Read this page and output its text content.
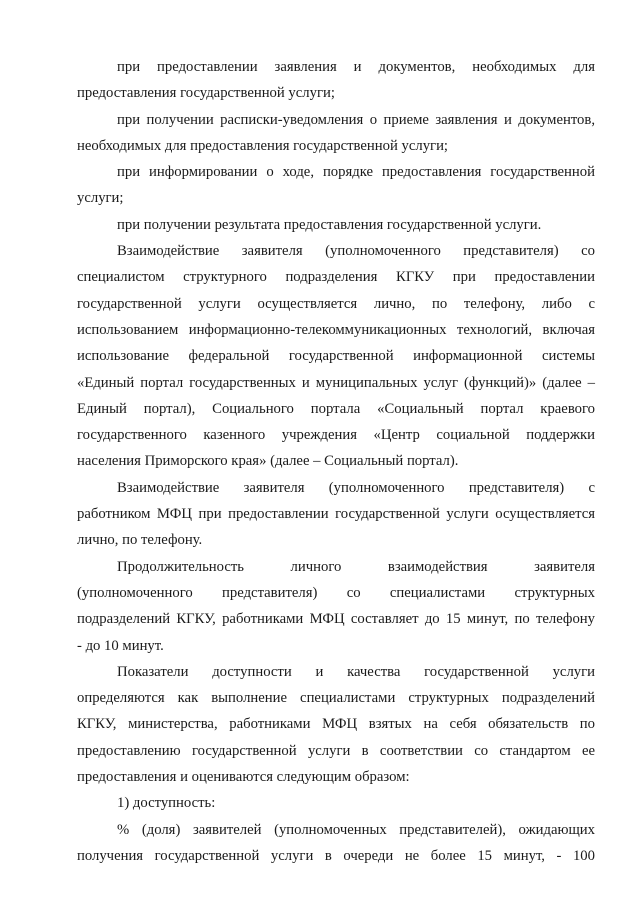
при предоставлении заявления и документов, необходимых для
предоставления государственной услуги;
при получении расписки-уведомления о приеме заявления и документов,
необходимых для предоставления государственной услуги;
при информировании о ходе, порядке предоставления государственной
услуги;
при получении результата предоставления государственной услуги.
Взаимодействие заявителя (уполномоченного представителя) со
специалистом структурного подразделения КГКУ при предоставлении
государственной услуги осуществляется лично, по телефону, либо с
использованием информационно-телекоммуникационных технологий, включая
использование федеральной государственной информационной системы
«Единый портал государственных и муниципальных услуг (функций)» (далее –
Единый портал), Социального портала «Социальный портал краевого
государственного казенного учреждения «Центр социальной поддержки
населения Приморского края» (далее – Социальный портал).
Взаимодействие заявителя (уполномоченного представителя) с
работником МФЦ при предоставлении государственной услуги осуществляется
лично, по телефону.
Продолжительность личного взаимодействия заявителя
(уполномоченного представителя) со специалистами структурных
подразделений КГКУ, работниками МФЦ составляет до 15 минут, по телефону
- до 10 минут.
Показатели доступности и качества государственной услуги
определяются как выполнение специалистами структурных подразделений
КГКУ, министерства, работниками МФЦ взятых на себя обязательств по
предоставлению государственной услуги в соответствии со стандартом ее
предоставления и оцениваются следующим образом:
1) доступность:
% (доля) заявителей (уполномоченных представителей), ожидающих
получения государственной услуги в очереди не более 15 минут, - 100
